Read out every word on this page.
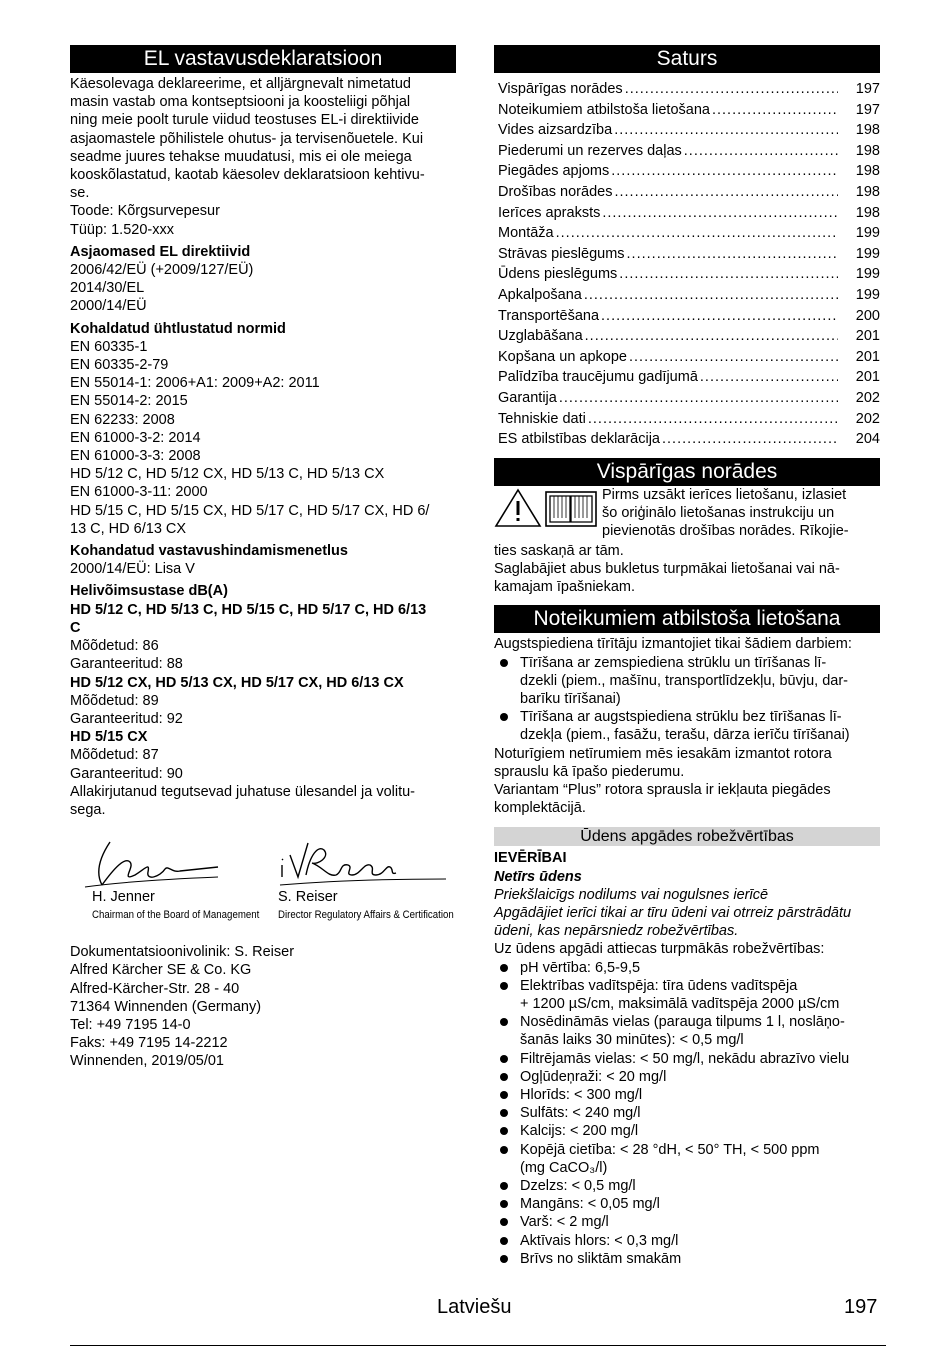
EL vastavusdeklaratsioon

Käesolevaga deklareerime, et alljärgnevalt nimetatud

masin vastab oma kontseptsiooni ja koosteliigi põhjal

ning meie poolt turule viidud teostuses EL-i direktiivide

asjaomastele põhilistele ohutus- ja tervisenõuetele. Kui

seadme juures tehakse muudatusi, mis ei ole meiega

kooskõlastatud, kaotab käesolev deklaratsioon kehtivu-

se.

Toode: Kõrgsurvepesur

Tüüp: 1.520-xxx

Asjaomased EL direktiivid

2006/42/EÜ (+2009/127/EÜ)

2014/30/EL

2000/14/EÜ

Kohaldatud ühtlustatud normid

EN 60335-1

EN 60335-2-79

EN 55014-1: 2006+A1: 2009+A2: 2011

EN 55014-2: 2015

EN 62233: 2008

EN 61000-3-2: 2014

EN 61000-3-3: 2008

HD 5/12 C, HD 5/12 CX, HD 5/13 C, HD 5/13 CX

EN 61000-3-11: 2000

HD 5/15 C, HD 5/15 CX, HD 5/17 C, HD 5/17 CX, HD 6/

13 C, HD 6/13 CX

Kohandatud vastavushindamismenetlus

2000/14/EÜ: Lisa V

Helivõimsustase dB(A)

HD 5/12 C, HD 5/13 C, HD 5/15 C, HD 5/17 C, HD 6/13

C

Mõõdetud: 86

Garanteeritud: 88

HD 5/12 CX, HD 5/13 CX, HD 5/17 CX, HD 6/13 CX

Mõõdetud: 89

Garanteeritud: 92

HD 5/15 CX

Mõõdetud: 87

Garanteeritud: 90

Allakirjutanud tegutsevad juhatuse ülesandel ja volitu-

sega.

H. Jenner
Chairman of the Board of Management
S. Reiser
Director Regulatory Affairs & Certification

Dokumentatsioonivolinik: S. Reiser

Alfred Kärcher SE & Co. KG

Alfred-Kärcher-Str. 28 - 40

71364 Winnenden (Germany)

Tel: +49 7195 14-0

Faks: +49 7195 14-2212

Winnenden, 2019/05/01

Saturs
Vispārīgas norādes .....	197
Noteikumiem atbilstoša lietošana .....	197
Vides aizsardzība .....	198
Piederumi un rezerves daļas .....	198
Piegādes apjoms .....	198
Drošības norādes .....	198
Ierīces apraksts .....	198
Montāža .....	199
Strāvas pieslēgums .....	199
Ūdens pieslēgums .....	199
Apkalpošana .....	199
Transportēšana .....	200
Uzglabāšana .....	201
Kopšana un apkope .....	201
Palīdzība traucējumu gadījumā .....	201
Garantija .....	202
Tehniskie dati .....	202
ES atbilstības deklarācija .....	204
Vispārīgas norādes
Pirms uzsākt ierīces lietošanu, izlasiet
šo oriģinālo lietošanas instrukciju un
pievienotās drošības norādes. Rīkojie-

ties saskaņā ar tām.

Saglabājiet abus bukletus turpmākai lietošanai vai nā-

kamajam īpašniekam.

Noteikumiem atbilstoša lietošana

Augstspiediena tīrītāju izmantojiet tikai šādiem darbiem:

Tīrīšana ar zemspiediena strūklu un tīrīšanas lī-
dzekli (piem., mašīnu, transportlīdzekļu, būvju, dar-
barīku tīrīšanai)
Tīrīšana ar augstspiediena strūklu bez tīrīšanas lī-
dzekļa (piem., fasāžu, terašu, dārza ierīču tīrīšanai)

Noturīgiem netīrumiem mēs iesakām izmantot rotora

sprauslu kā īpašo piederumu.

Variantam “Plus” rotora sprausla ir iekļauta piegādes

komplektācijā.

Ūdens apgādes robežvērtības

IEVĒRĪBAI

Netīrs ūdens

Priekšlaicīgs nodilums vai nogulsnes ierīcē

Apgādājiet ierīci tikai ar tīru ūdeni vai otrreiz pārstrādātu

ūdeni, kas nepārsniedz robežvērtības.

Uz ūdens apgādi attiecas turpmākās robežvērtības:

pH vērtība: 6,5-9,5
Elektrības vadītspēja: tīra ūdens vadītspēja
+ 1200 µS/cm, maksimālā vadītspēja 2000 µS/cm
Nosēdināmās vielas (parauga tilpums 1 l, noslāņo-
šanās laiks 30 minūtes): < 0,5 mg/l
Filtrējamās vielas: < 50 mg/l, nekādu abrazīvo vielu
Ogļūdeņraži: < 20 mg/l
Hlorīds: < 300 mg/l
Sulfāts: < 240 mg/l
Kalcijs: < 200 mg/l
Kopējā cietība: < 28 °dH, < 50° TH, < 500 ppm
(mg CaCO₃/l)
Dzelzs: < 0,5 mg/l
Mangāns: < 0,05 mg/l
Varš: < 2 mg/l
Aktīvais hlors: < 0,3 mg/l
Brīvs no sliktām smakām
Latviešu	197
